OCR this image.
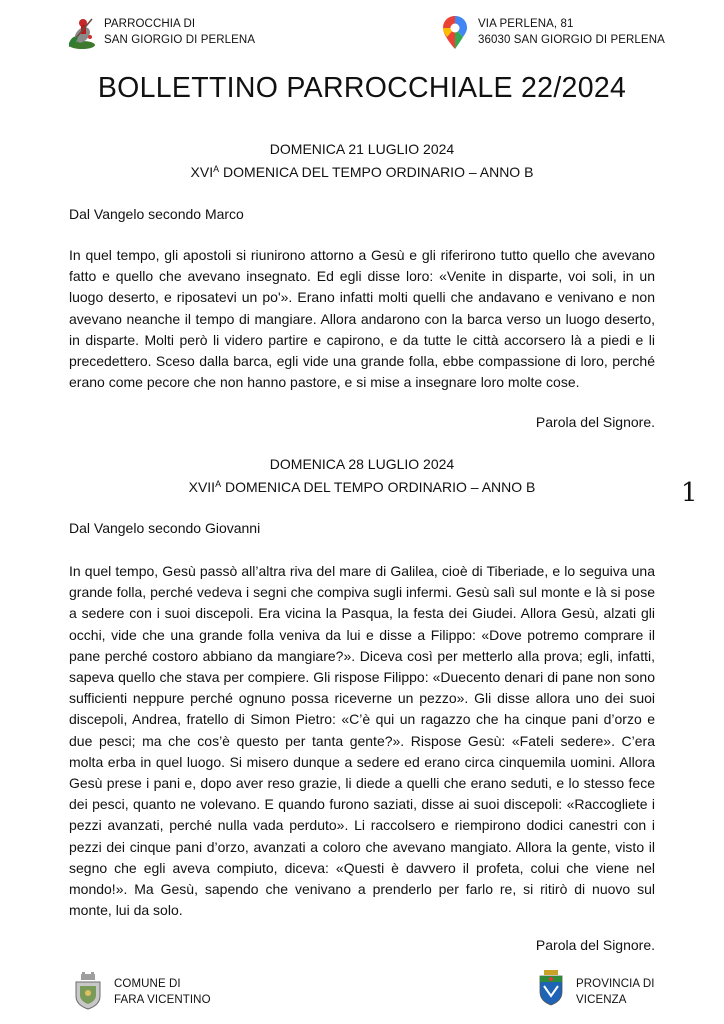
PARROCCHIA DI
SAN GIORGIO DI PERLENA
VIA PERLENA, 81
36030 SAN GIORGIO DI PERLENA
BOLLETTINO PARROCCHIALE 22/2024
DOMENICA 21 LUGLIO 2024
$XVI^A$ DOMENICA DEL TEMPO ORDINARIO – ANNO B
Dal Vangelo secondo Marco

In quel tempo, gli apostoli si riunirono attorno a Gesù e gli riferirono tutto quello che avevano fatto e quello che avevano insegnato. Ed egli disse loro: «Venite in disparte, voi soli, in un luogo deserto, e riposatevi un po'». Erano infatti molti quelli che andavano e venivano e non avevano neanche il tempo di mangiare. Allora andarono con la barca verso un luogo deserto, in disparte. Molti però li videro partire e capirono, e da tutte le città accorsero là a piedi e li precedettero. Sceso dalla barca, egli vide una grande folla, ebbe compassione di loro, perché erano come pecore che non hanno pastore, e si mise a insegnare loro molte cose.

Parola del Signore.
DOMENICA 28 LUGLIO 2024
$XVII^A$ DOMENICA DEL TEMPO ORDINARIO – ANNO B
Dal Vangelo secondo Giovanni

In quel tempo, Gesù passò all’altra riva del mare di Galilea, cioè di Tiberiade, e lo seguiva una grande folla, perché vedeva i segni che compiva sugli infermi. Gesù salì sul monte e là si pose a sedere con i suoi discepoli. Era vicina la Pasqua, la festa dei Giudei. Allora Gesù, alzati gli occhi, vide che una grande folla veniva da lui e disse a Filippo: «Dove potremo comprare il pane perché costoro abbiano da mangiare?». Diceva così per metterlo alla prova; egli, infatti, sapeva quello che stava per compiere. Gli rispose Filippo: «Duecento denari di pane non sono sufficienti neppure perché ognuno possa riceverne un pezzo». Gli disse allora uno dei suoi discepoli, Andrea, fratello di Simon Pietro: «C’è qui un ragazzo che ha cinque pani d’orzo e due pesci; ma che cos’è questo per tanta gente?». Rispose Gesù: «Fateli sedere». C’era molta erba in quel luogo. Si misero dunque a sedere ed erano circa cinquemila uomini. Allora Gesù prese i pani e, dopo aver reso grazie, li diede a quelli che erano seduti, e lo stesso fece dei pesci, quanto ne volevano. E quando furono saziati, disse ai suoi discepoli: «Raccogliete i pezzi avanzati, perché nulla vada perduto». Li raccolsero e riempirono dodici canestri con i pezzi dei cinque pani d’orzo, avanzati a coloro che avevano mangiato. Allora la gente, visto il segno che egli aveva compiuto, diceva: «Questi è davvero il profeta, colui che viene nel mondo!». Ma Gesù, sapendo che venivano a prenderlo per farlo re, si ritirò di nuovo sul monte, lui da solo.

Parola del Signore.
1
COMUNE DI
FARA VICENTINO
PROVINCIA DI
VICENZA
